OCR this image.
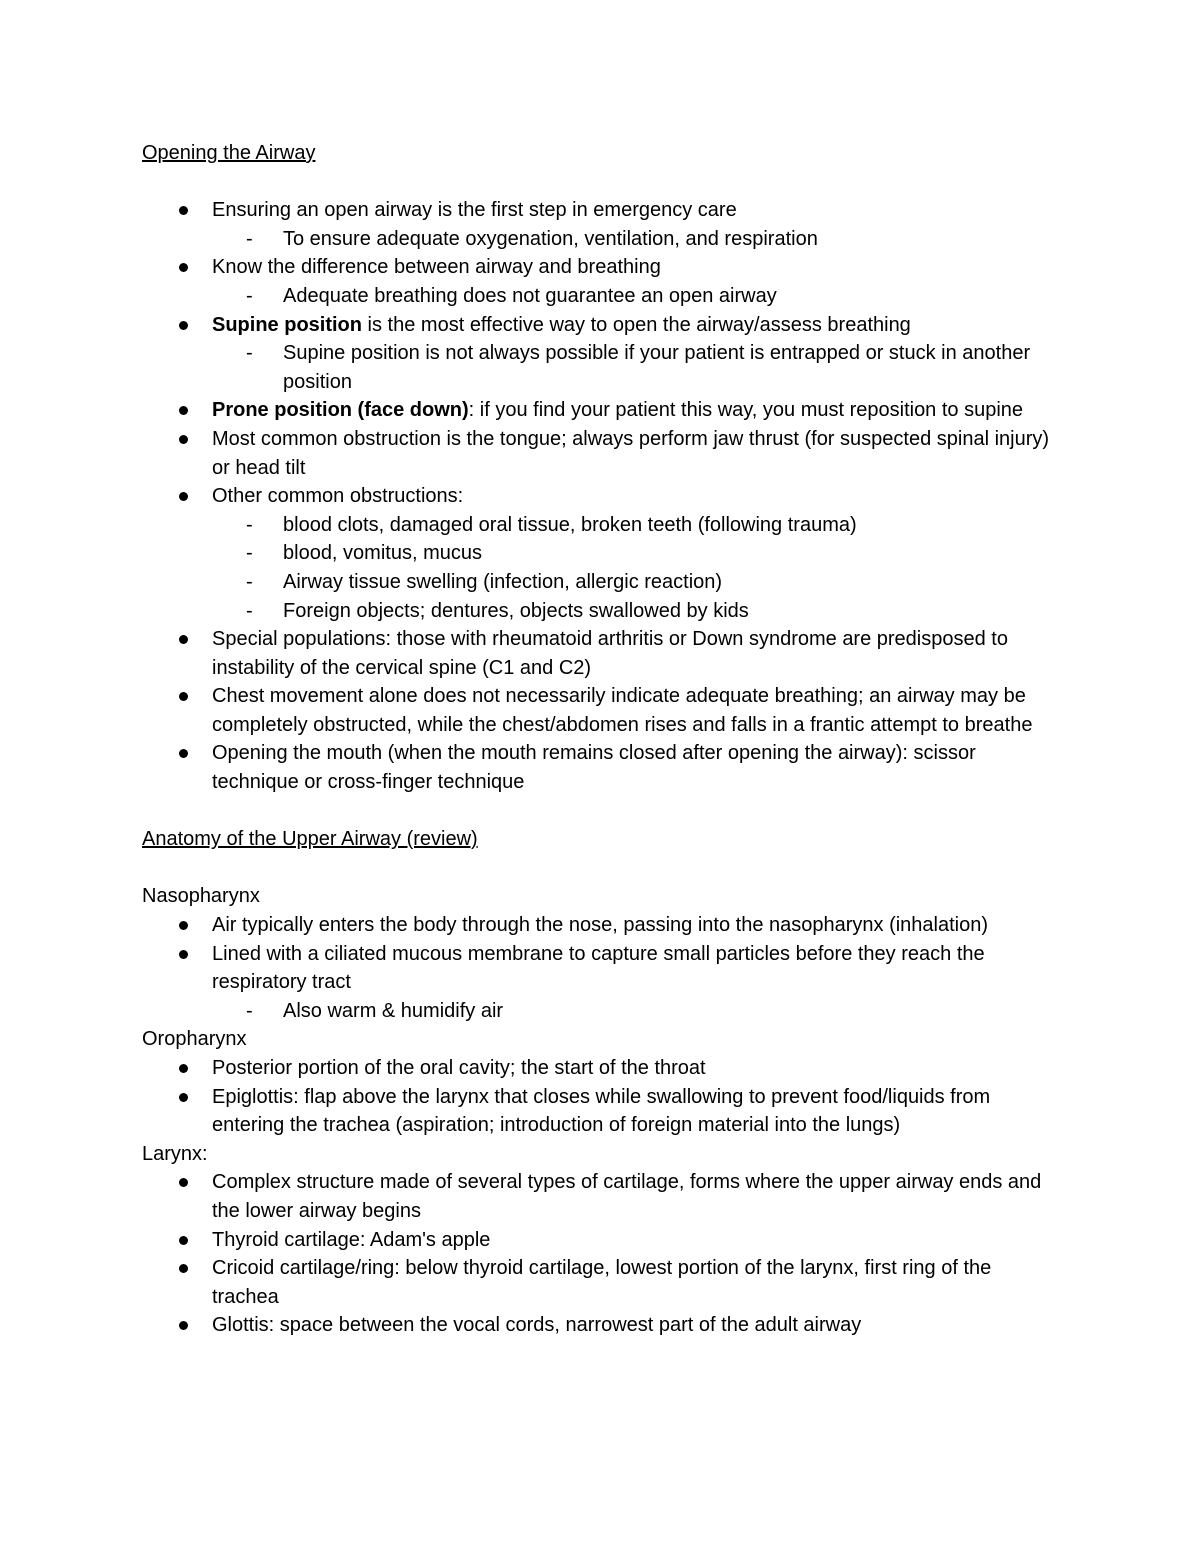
Opening the Airway
Ensuring an open airway is the first step in emergency care
- To ensure adequate oxygenation, ventilation, and respiration
Know the difference between airway and breathing
- Adequate breathing does not guarantee an open airway
Supine position is the most effective way to open the airway/assess breathing
- Supine position is not always possible if your patient is entrapped or stuck in another position
Prone position (face down): if you find your patient this way, you must reposition to supine
Most common obstruction is the tongue; always perform jaw thrust (for suspected spinal injury) or head tilt
Other common obstructions:
- blood clots, damaged oral tissue, broken teeth (following trauma)
- blood, vomitus, mucus
- Airway tissue swelling (infection, allergic reaction)
- Foreign objects; dentures, objects swallowed by kids
Special populations: those with rheumatoid arthritis or Down syndrome are predisposed to instability of the cervical spine (C1 and C2)
Chest movement alone does not necessarily indicate adequate breathing; an airway may be completely obstructed, while the chest/abdomen rises and falls in a frantic attempt to breathe
Opening the mouth (when the mouth remains closed after opening the airway): scissor technique or cross-finger technique
Anatomy of the Upper Airway (review)
Nasopharynx
Air typically enters the body through the nose, passing into the nasopharynx (inhalation)
Lined with a ciliated mucous membrane to capture small particles before they reach the respiratory tract
- Also warm & humidify air
Oropharynx
Posterior portion of the oral cavity; the start of the throat
Epiglottis: flap above the larynx that closes while swallowing to prevent food/liquids from entering the trachea (aspiration; introduction of foreign material into the lungs)
Larynx:
Complex structure made of several types of cartilage, forms where the upper airway ends and the lower airway begins
Thyroid cartilage: Adam's apple
Cricoid cartilage/ring: below thyroid cartilage, lowest portion of the larynx, first ring of the trachea
Glottis: space between the vocal cords, narrowest part of the adult airway
